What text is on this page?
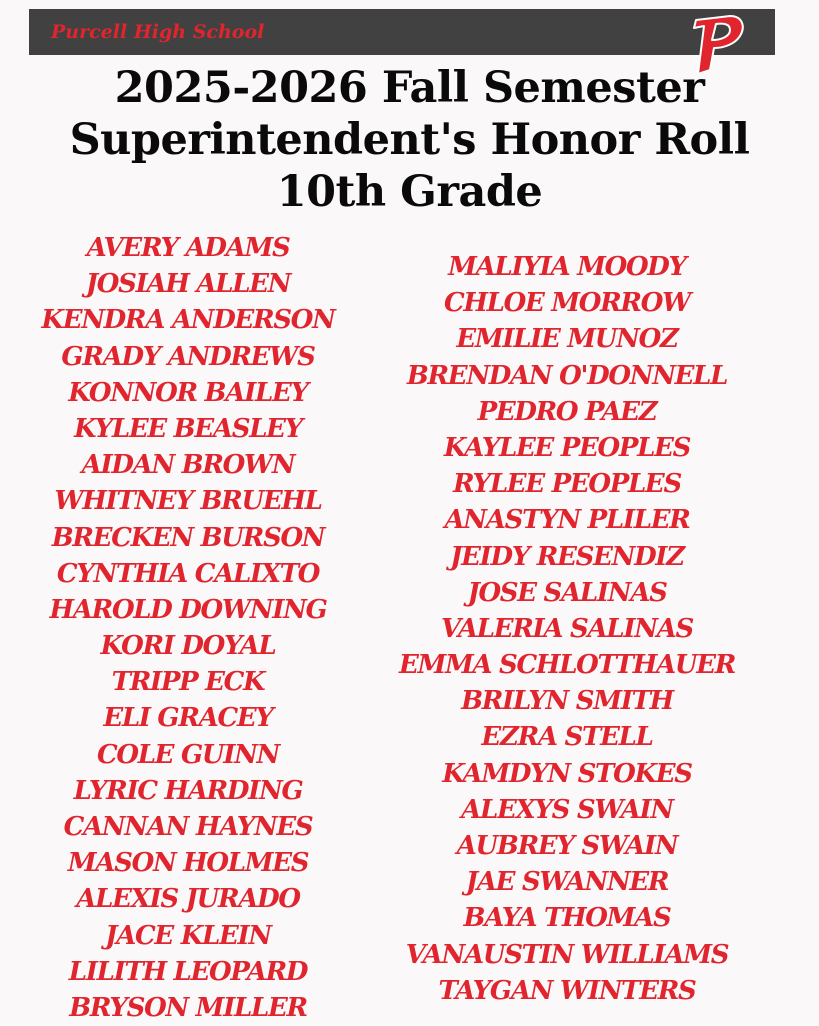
Purcell High School
2025-2026 Fall Semester
Superintendent's Honor Roll
10th Grade
AVERY ADAMS
JOSIAH ALLEN
KENDRA ANDERSON
GRADY ANDREWS
KONNOR BAILEY
KYLEE BEASLEY
AIDAN BROWN
WHITNEY BRUEHL
BRECKEN BURSON
CYNTHIA CALIXTO
HAROLD DOWNING
KORI DOYAL
TRIPP ECK
ELI GRACEY
COLE GUINN
LYRIC HARDING
CANNAN HAYNES
MASON HOLMES
ALEXIS JURADO
JACE KLEIN
LILITH LEOPARD
BRYSON MILLER
MALIYIA MOODY
CHLOE MORROW
EMILIE MUNOZ
BRENDAN O'DONNELL
PEDRO PAEZ
KAYLEE PEOPLES
RYLEE PEOPLES
ANASTYN PLILER
JEIDY RESENDIZ
JOSE SALINAS
VALERIA SALINAS
EMMA SCHLOTTHAUER
BRILYN SMITH
EZRA STELL
KAMDYN STOKES
ALEXYS SWAIN
AUBREY SWAIN
JAE SWANNER
BAYA THOMAS
VANAUSTIN WILLIAMS
TAYGAN WINTERS
